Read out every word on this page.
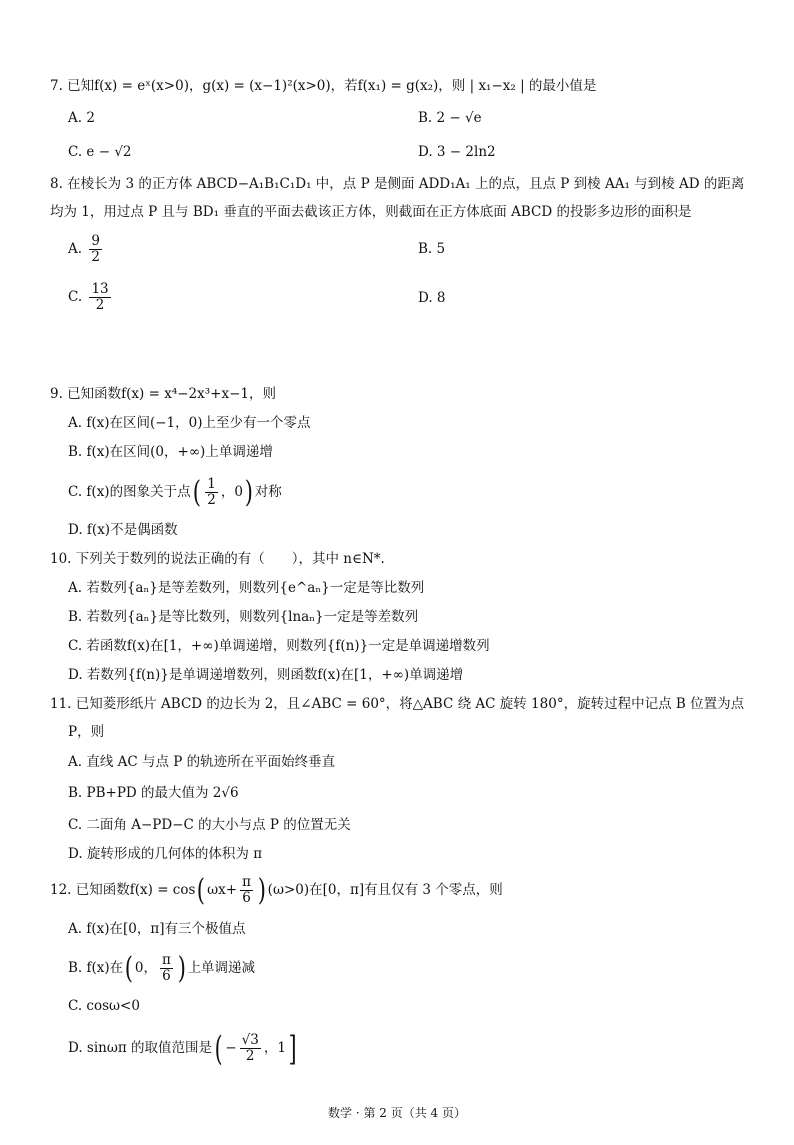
7. 已知f(x) = eˣ(x>0)，g(x) = (x−1)²(x>0)，若f(x₁) = g(x₂)，则 | x₁−x₂ | 的最小值是
A. 2	B. 2 − √e
C. e − √2	D. 3 − 2ln2
8. 在棱长为 3 的正方体 ABCD−A₁B₁C₁D₁ 中，点 P 是侧面 ADD₁A₁ 上的点，且点 P 到棱 AA₁ 与到棱 AD 的距离
均为 1，用过点 P 且与 BD₁ 垂直的平面去截该正方体，则截面在正方体底面 ABCD 的投影多边形的面积是
A. $\frac{9}{2}$	B. 5
C. $\frac{13}{2}$	D. 8
9. 已知函数f(x) = x⁴−2x³+x−1，则
A. f(x)在区间(−1，0)上至少有一个零点
B. f(x)在区间(0，+∞)上单调递增
C. f(x)的图象关于点( $\frac{1}{2}$ ，0) 对称
D. f(x)不是偶函数
10. 下列关于数列的说法正确的有（　　），其中 n∈N*.
A. 若数列{aₙ}是等差数列，则数列{e^aₙ}一定是等比数列
B. 若数列{aₙ}是等比数列，则数列{lnaₙ}一定是等差数列
C. 若函数f(x)在[1，+∞)单调递增，则数列{f(n)}一定是单调递增数列
D. 若数列{f(n)}是单调递增数列，则函数f(x)在[1，+∞)单调递增
11. 已知菱形纸片 ABCD 的边长为 2，且∠ABC = 60°，将△ABC 绕 AC 旋转 180°，旋转过程中记点 B 位置为点
P，则
A. 直线 AC 与点 P 的轨迹所在平面始终垂直
B. PB+PD 的最大值为 2√6
C. 二面角 A−PD−C 的大小与点 P 的位置无关
D. 旋转形成的几何体的体积为 π
12. 已知函数f(x) = cos( $\omega x+ \frac{\pi}{6}$ ) (ω>0)在[0，π]有且仅有 3 个零点，则
A. f(x)在[0，π]有三个极值点
B. f(x)在( 0， $\frac{\pi}{6}$ ) 上单调递减
C. cosω<0
D. sinωπ 的取值范围是( − $\frac{√3}{2}$ ，1]
数学 · 第 2 页（共 4 页）
